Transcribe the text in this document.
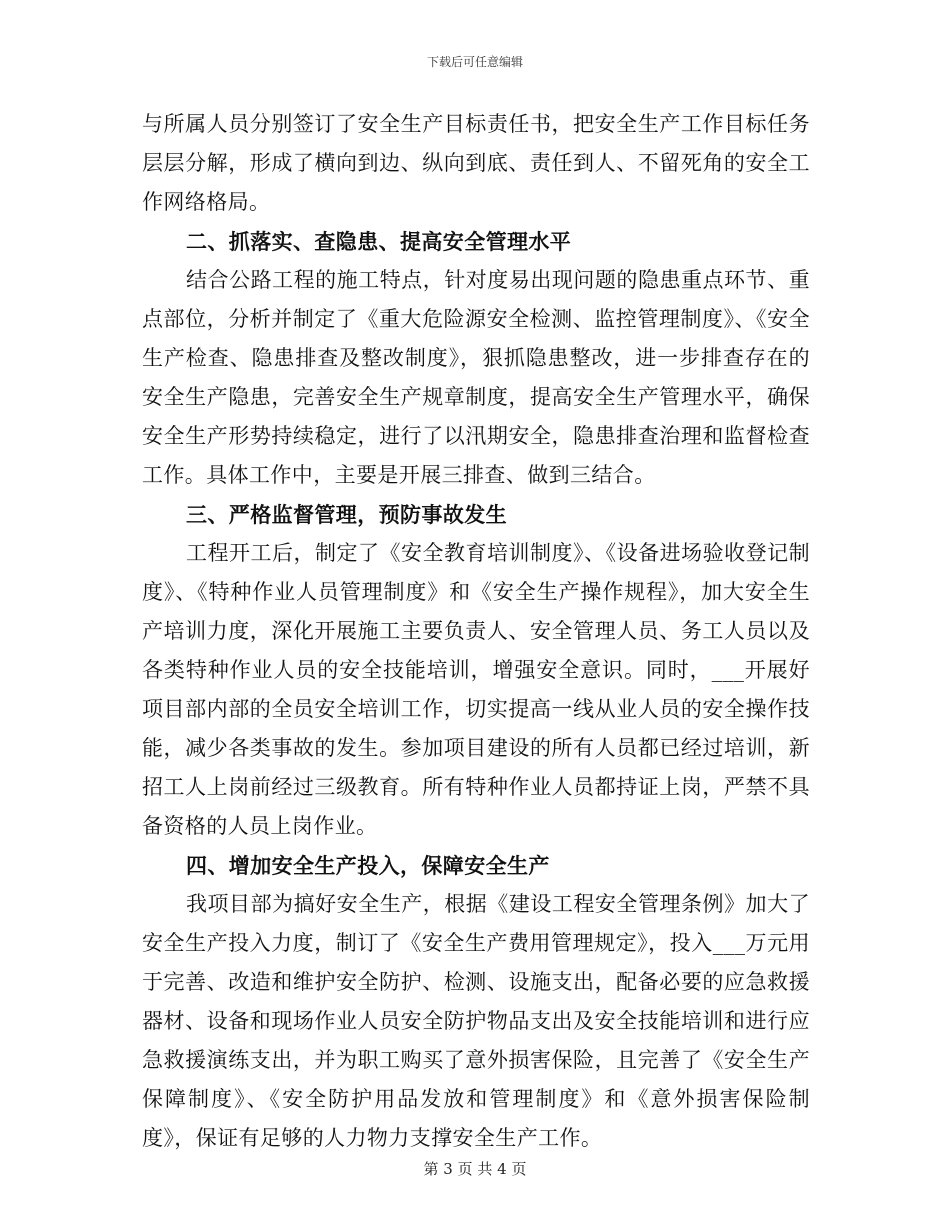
下载后可任意编辑

与所属人员分别签订了安全生产目标责任书，把安全生产工作目标任务层层分解，形成了横向到边、纵向到底、责任到人、不留死角的安全工作网络格局。

二、抓落实、查隐患、提高安全管理水平

结合公路工程的施工特点，针对度易出现问题的隐患重点环节、重点部位，分析并制定了《重大危险源安全检测、监控管理制度》、《安全生产检查、隐患排查及整改制度》，狠抓隐患整改，进一步排查存在的安全生产隐患，完善安全生产规章制度，提高安全生产管理水平，确保安全生产形势持续稳定，进行了以汛期安全，隐患排查治理和监督检查工作。具体工作中，主要是开展三排查、做到三结合。

三、严格监督管理，预防事故发生

工程开工后，制定了《安全教育培训制度》、《设备进场验收登记制度》、《特种作业人员管理制度》和《安全生产操作规程》，加大安全生产培训力度，深化开展施工主要负责人、安全管理人员、务工人员以及各类特种作业人员的安全技能培训，增强安全意识。同时，___开展好项目部内部的全员安全培训工作，切实提高一线从业人员的安全操作技能，减少各类事故的发生。参加项目建设的所有人员都已经过培训，新招工人上岗前经过三级教育。所有特种作业人员都持证上岗，严禁不具备资格的人员上岗作业。

四、增加安全生产投入，保障安全生产

我项目部为搞好安全生产，根据《建设工程安全管理条例》加大了安全生产投入力度，制订了《安全生产费用管理规定》，投入___万元用于完善、改造和维护安全防护、检测、设施支出，配备必要的应急救援器材、设备和现场作业人员安全防护物品支出及安全技能培训和进行应急救援演练支出，并为职工购买了意外损害保险，且完善了《安全生产保障制度》、《安全防护用品发放和管理制度》和《意外损害保险制度》，保证有足够的人力物力支撑安全生产工作。

第 3 页 共 4 页
